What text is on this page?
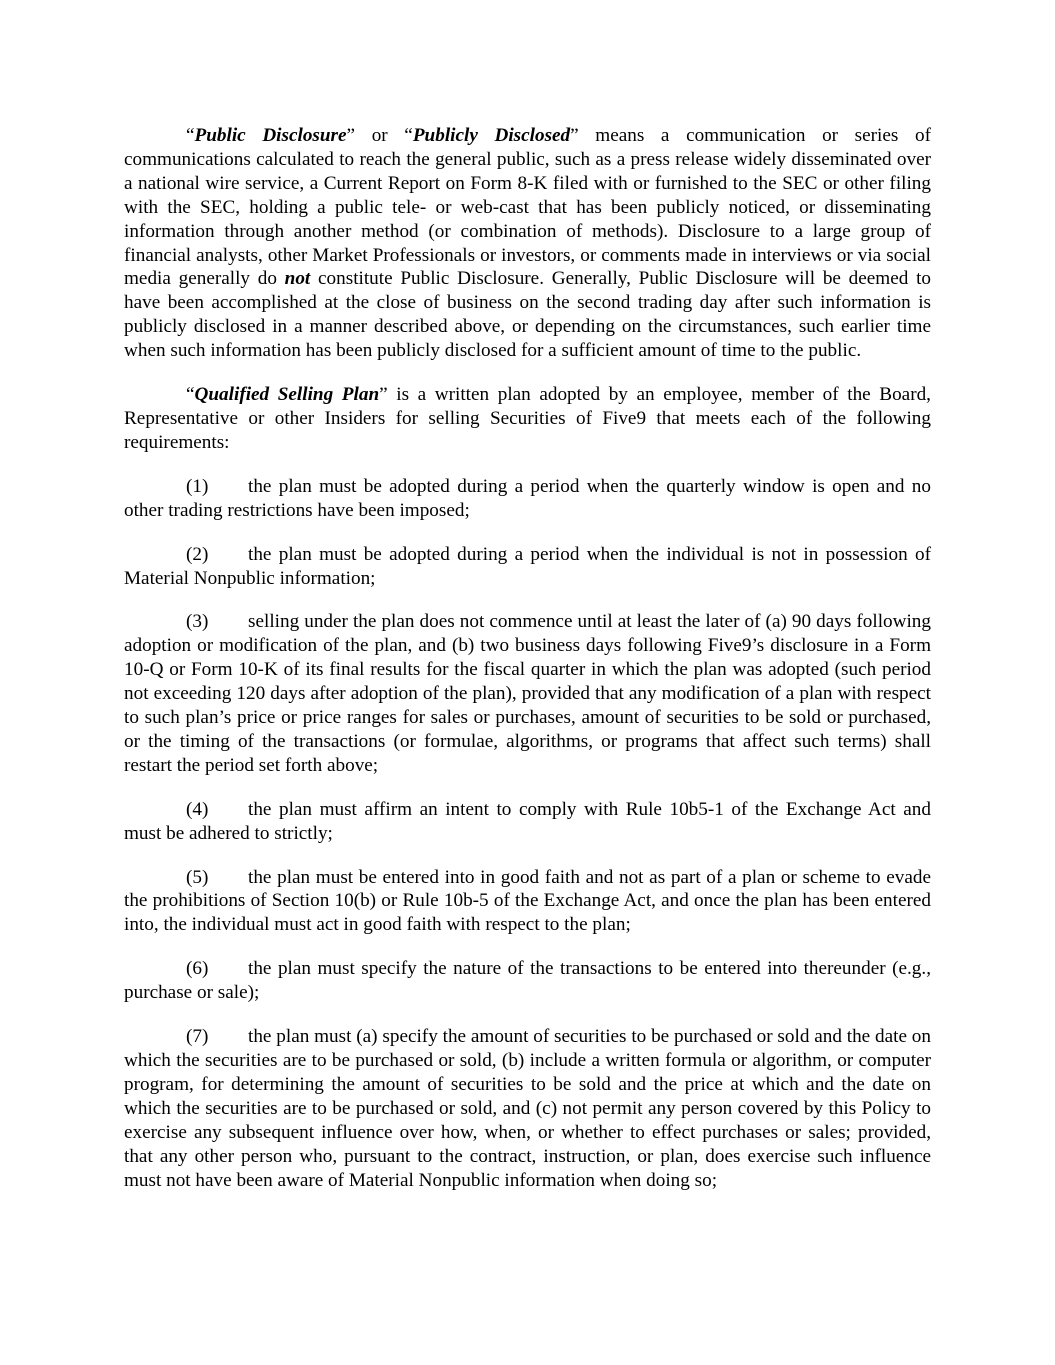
“Public Disclosure” or “Publicly Disclosed” means a communication or series of communications calculated to reach the general public, such as a press release widely disseminated over a national wire service, a Current Report on Form 8-K filed with or furnished to the SEC or other filing with the SEC, holding a public tele- or web-cast that has been publicly noticed, or disseminating information through another method (or combination of methods). Disclosure to a large group of financial analysts, other Market Professionals or investors, or comments made in interviews or via social media generally do not constitute Public Disclosure. Generally, Public Disclosure will be deemed to have been accomplished at the close of business on the second trading day after such information is publicly disclosed in a manner described above, or depending on the circumstances, such earlier time when such information has been publicly disclosed for a sufficient amount of time to the public.

“Qualified Selling Plan” is a written plan adopted by an employee, member of the Board, Representative or other Insiders for selling Securities of Five9 that meets each of the following requirements:

(1) the plan must be adopted during a period when the quarterly window is open and no other trading restrictions have been imposed;

(2) the plan must be adopted during a period when the individual is not in possession of Material Nonpublic information;

(3) selling under the plan does not commence until at least the later of (a) 90 days following adoption or modification of the plan, and (b) two business days following Five9’s disclosure in a Form 10-Q or Form 10-K of its final results for the fiscal quarter in which the plan was adopted (such period not exceeding 120 days after adoption of the plan), provided that any modification of a plan with respect to such plan’s price or price ranges for sales or purchases, amount of securities to be sold or purchased, or the timing of the transactions (or formulae, algorithms, or programs that affect such terms) shall restart the period set forth above;

(4) the plan must affirm an intent to comply with Rule 10b5-1 of the Exchange Act and must be adhered to strictly;

(5) the plan must be entered into in good faith and not as part of a plan or scheme to evade the prohibitions of Section 10(b) or Rule 10b-5 of the Exchange Act, and once the plan has been entered into, the individual must act in good faith with respect to the plan;

(6) the plan must specify the nature of the transactions to be entered into thereunder (e.g., purchase or sale);

(7) the plan must (a) specify the amount of securities to be purchased or sold and the date on which the securities are to be purchased or sold, (b) include a written formula or algorithm, or computer program, for determining the amount of securities to be sold and the price at which and the date on which the securities are to be purchased or sold, and (c) not permit any person covered by this Policy to exercise any subsequent influence over how, when, or whether to effect purchases or sales; provided, that any other person who, pursuant to the contract, instruction, or plan, does exercise such influence must not have been aware of Material Nonpublic information when doing so;
